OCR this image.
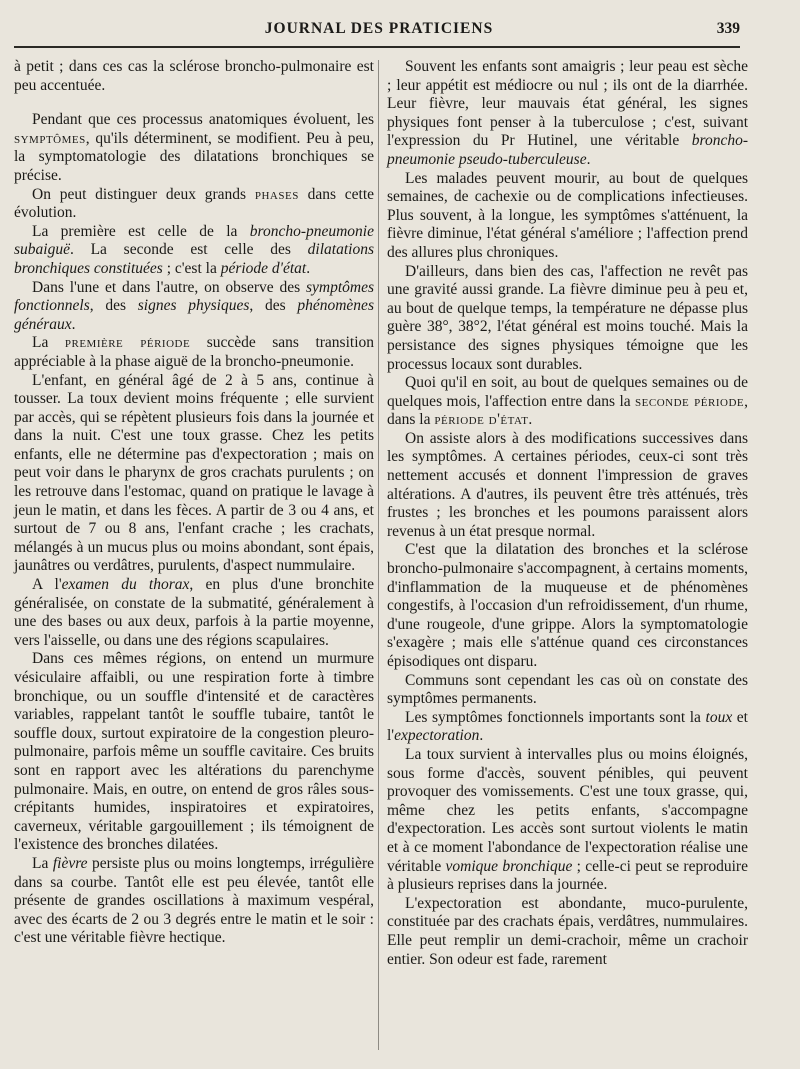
JOURNAL DES PRATICIENS	339

à petit ; dans ces cas la sclérose broncho-pulmonaire est peu accentuée.

Pendant que ces processus anatomiques évoluent, les symptômes, qu'ils déterminent, se modifient. Peu à peu, la symptomatologie des dilatations bronchiques se précise.

On peut distinguer deux grands phases dans cette évolution.

La première est celle de la broncho-pneumonie subaiguë. La seconde est celle des dilatations bronchiques constituées ; c'est la période d'état.

Dans l'une et dans l'autre, on observe des symptômes fonctionnels, des signes physiques, des phénomènes généraux.

La première période succède sans transition appréciable à la phase aiguë de la broncho-pneumonie.

L'enfant, en général âgé de 2 à 5 ans, continue à tousser. La toux devient moins fréquente ; elle survient par accès, qui se répètent plusieurs fois dans la journée et dans la nuit. C'est une toux grasse. Chez les petits enfants, elle ne détermine pas d'expectoration ; mais on peut voir dans le pharynx de gros crachats purulents ; on les retrouve dans l'estomac, quand on pratique le lavage à jeun le matin, et dans les fèces. A partir de 3 ou 4 ans, et surtout de 7 ou 8 ans, l'enfant crache ; les crachats, mélangés à un mucus plus ou moins abondant, sont épais, jaunâtres ou verdâtres, purulents, d'aspect nummulaire.

A l'examen du thorax, en plus d'une bronchite généralisée, on constate de la submatité, généralement à une des bases ou aux deux, parfois à la partie moyenne, vers l'aisselle, ou dans une des régions scapulaires.

Dans ces mêmes régions, on entend un murmure vésiculaire affaibli, ou une respiration forte à timbre bronchique, ou un souffle d'intensité et de caractères variables, rappelant tantôt le souffle tubaire, tantôt le souffle doux, surtout expiratoire de la congestion pleuro-pulmonaire, parfois même un souffle cavitaire. Ces bruits sont en rapport avec les altérations du parenchyme pulmonaire. Mais, en outre, on entend de gros râles sous-crépitants humides, inspiratoires et expiratoires, caverneux, véritable gargouillement ; ils témoignent de l'existence des bronches dilatées.

La fièvre persiste plus ou moins longtemps, irrégulière dans sa courbe. Tantôt elle est peu élevée, tantôt elle présente de grandes oscillations à maximum vespéral, avec des écarts de 2 ou 3 degrés entre le matin et le soir : c'est une véritable fièvre hectique.

Souvent les enfants sont amaigris ; leur peau est sèche ; leur appétit est médiocre ou nul ; ils ont de la diarrhée. Leur fièvre, leur mauvais état général, les signes physiques font penser à la tuberculose ; c'est, suivant l'expression du Pr Hutinel, une véritable broncho-pneumonie pseudo-tuberculeuse.

Les malades peuvent mourir, au bout de quelques semaines, de cachexie ou de complications infectieuses. Plus souvent, à la longue, les symptômes s'atténuent, la fièvre diminue, l'état général s'améliore ; l'affection prend des allures plus chroniques.

D'ailleurs, dans bien des cas, l'affection ne revêt pas une gravité aussi grande. La fièvre diminue peu à peu et, au bout de quelque temps, la température ne dépasse plus guère 38°, 38°2, l'état général est moins touché. Mais la persistance des signes physiques témoigne que les processus locaux sont durables.

Quoi qu'il en soit, au bout de quelques semaines ou de quelques mois, l'affection entre dans la seconde période, dans la période d'état.

On assiste alors à des modifications successives dans les symptômes. A certaines périodes, ceux-ci sont très nettement accusés et donnent l'impression de graves altérations. A d'autres, ils peuvent être très atténués, très frustes ; les bronches et les poumons paraissent alors revenus à un état presque normal.

C'est que la dilatation des bronches et la sclérose broncho-pulmonaire s'accompagnent, à certains moments, d'inflammation de la muqueuse et de phénomènes congestifs, à l'occasion d'un refroidissement, d'un rhume, d'une rougeole, d'une grippe. Alors la symptomatologie s'exagère ; mais elle s'atténue quand ces circonstances épisodiques ont disparu.

Communs sont cependant les cas où on constate des symptômes permanents.

Les symptômes fonctionnels importants sont la toux et l'expectoration.

La toux survient à intervalles plus ou moins éloignés, sous forme d'accès, souvent pénibles, qui peuvent provoquer des vomissements. C'est une toux grasse, qui, même chez les petits enfants, s'accompagne d'expectoration. Les accès sont surtout violents le matin et à ce moment l'abondance de l'expectoration réalise une véritable vomique bronchique ; celle-ci peut se reproduire à plusieurs reprises dans la journée.

L'expectoration est abondante, muco-purulente, constituée par des crachats épais, verdâtres, nummulaires. Elle peut remplir un demi-crachoir, même un crachoir entier. Son odeur est fade, rarement
